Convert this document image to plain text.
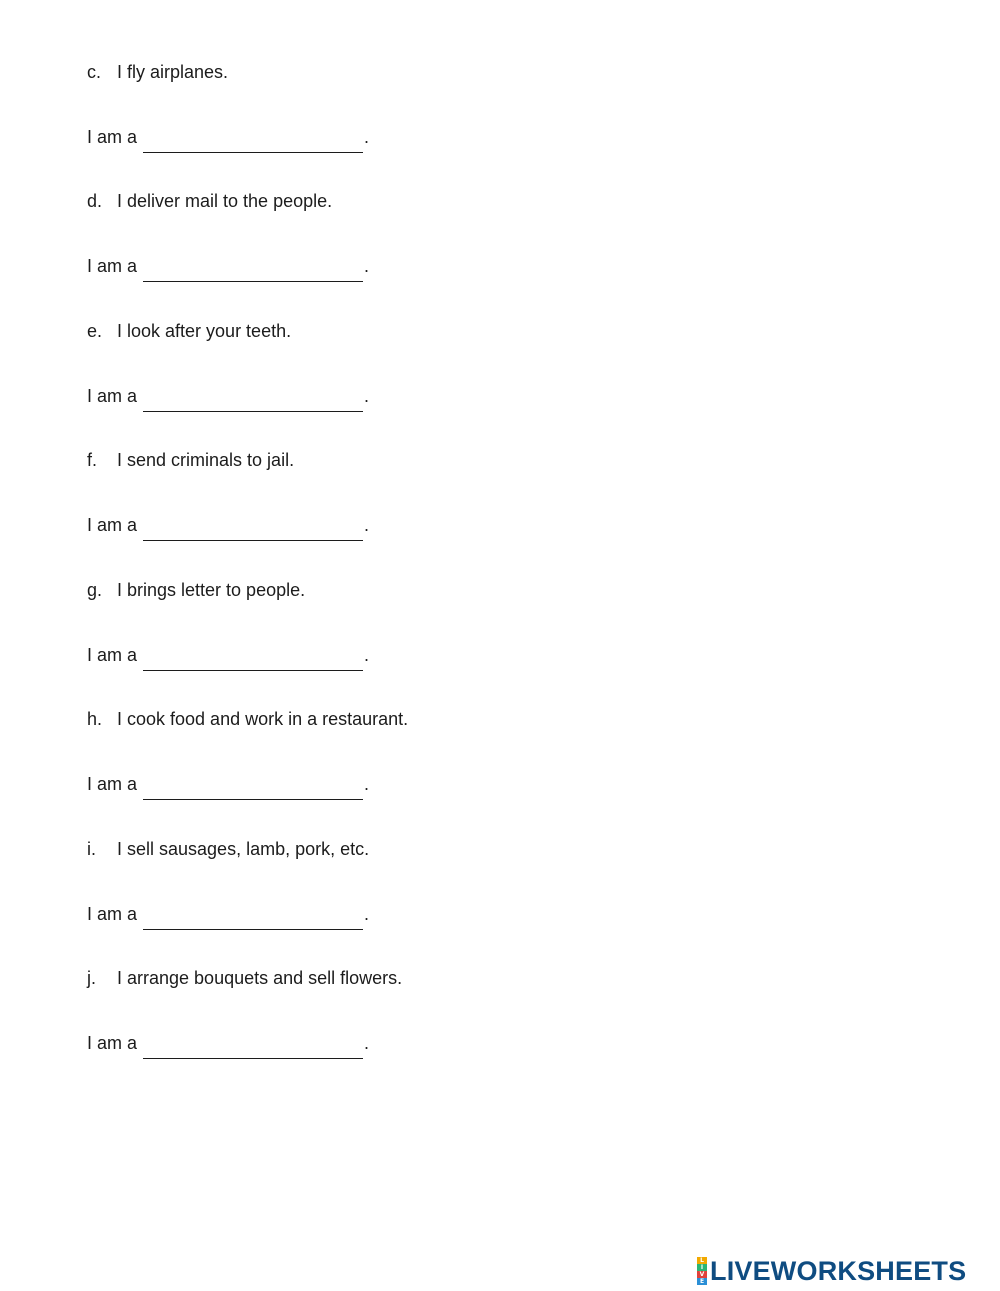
c. I fly airplanes.
I am a	.
d. I deliver mail to the people.
I am a	.
e. I look after your teeth.
I am a	.
f. I send criminals to jail.
I am a	.
g. I brings letter to people.
I am a	.
h. I cook food and work in a restaurant.
I am a	.
i. I sell sausages, lamb, pork, etc.
I am a	.
j. I arrange bouquets and sell flowers.
I am a	.
L
I
V
E LIVEWORKSHEETS
